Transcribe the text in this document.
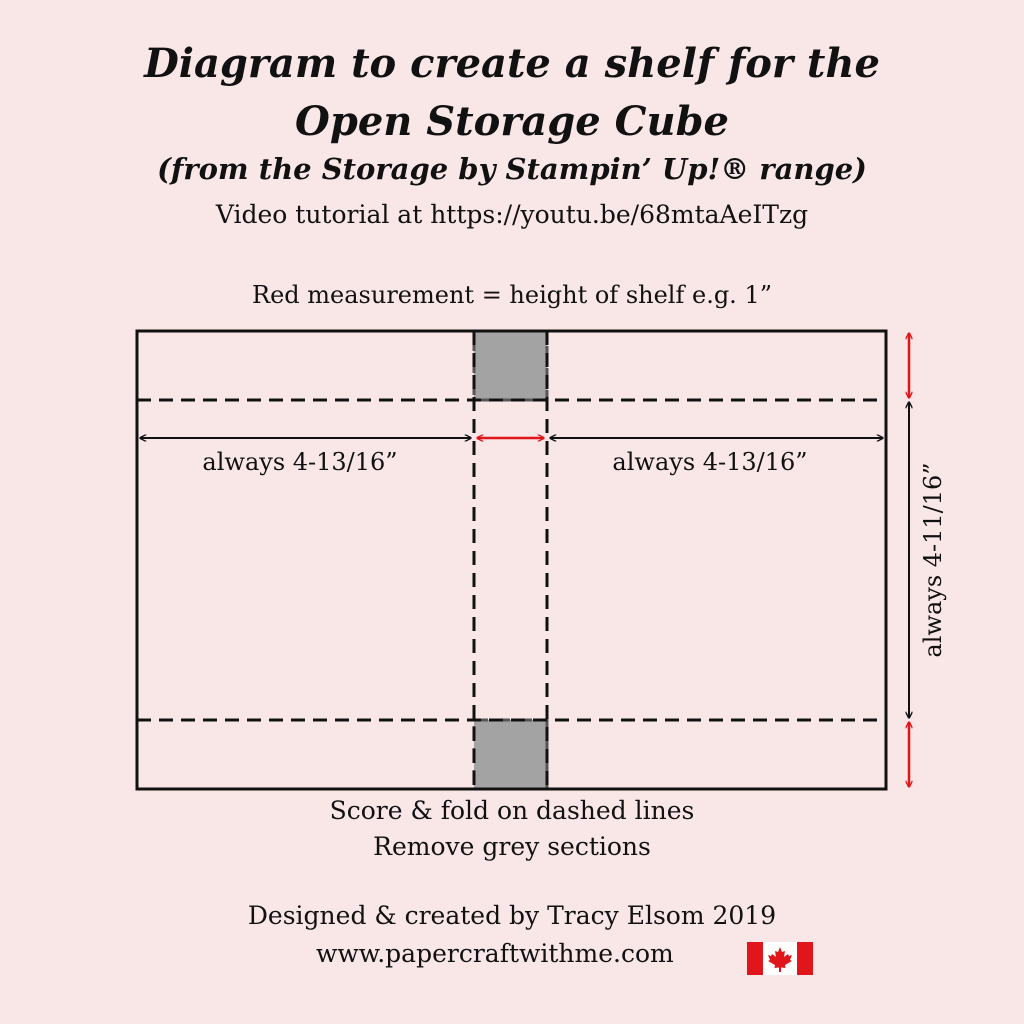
Diagram to create a shelf for the
Open Storage Cube
(from the Storage by Stampin’ Up!® range)
Video tutorial at https://youtu.be/68mtaAeITzg
Red measurement = height of shelf e.g. 1”
always 4-13/16”	always 4-13/16”
always 4-11/16”
Score & fold on dashed lines
Remove grey sections
Designed & created by Tracy Elsom 2019
www.papercraftwithme.com
